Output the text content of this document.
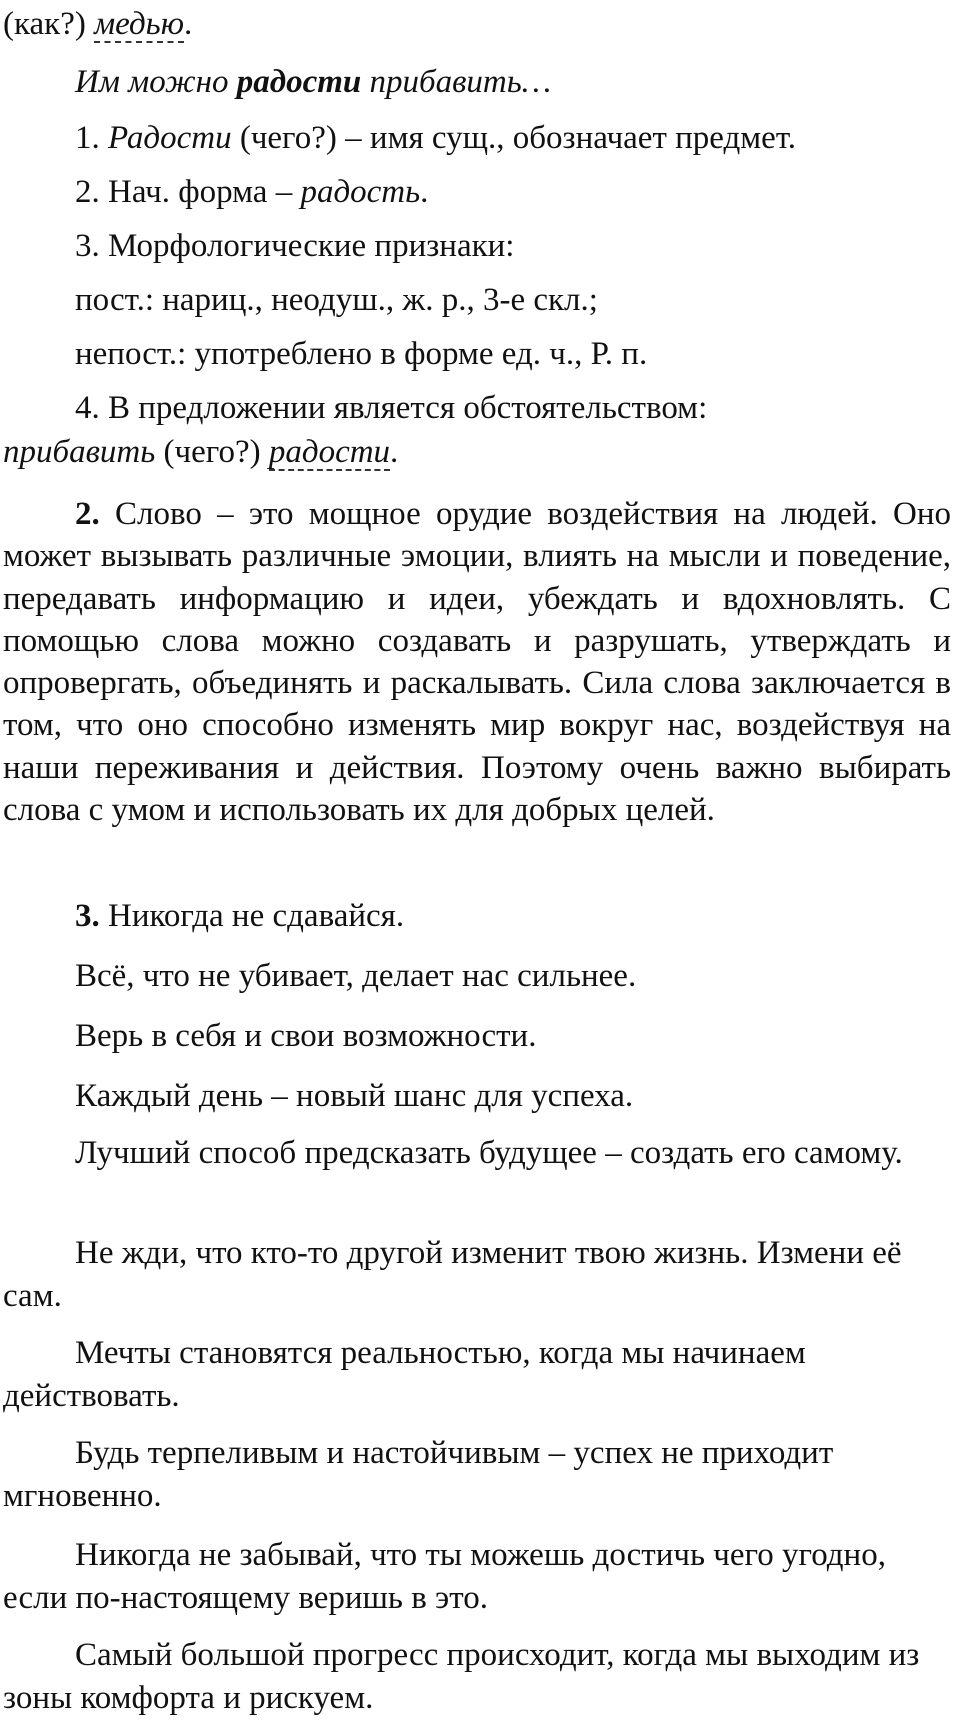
(как?) медью.
Им можно радости прибавить…
1. Радости (чего?) – имя сущ., обозначает предмет.
2. Нач. форма – радость.
3. Морфологические признаки:
пост.: нариц., неодуш., ж. р., 3-е скл.;
непост.: употреблено в форме ед. ч., Р. п.
4. В предложении является обстоятельством:
прибавить (чего?) радости.
2. Слово – это мощное орудие воздействия на людей. Оно может вызывать различные эмоции, влиять на мысли и поведение, передавать информацию и идеи, убеждать и вдохновлять. С помощью слова можно создавать и разрушать, утверждать и опровергать, объединять и раскалывать. Сила слова заключается в том, что оно способно изменять мир вокруг нас, воздействуя на наши переживания и действия. Поэтому очень важно выбирать слова с умом и использовать их для добрых целей.
3. Никогда не сдавайся.
Всё, что не убивает, делает нас сильнее.
Верь в себя и свои возможности.
Каждый день – новый шанс для успеха.
Лучший способ предсказать будущее – создать его самому.
Не жди, что кто-то другой изменит твою жизнь. Измени её сам.
Мечты становятся реальностью, когда мы начинаем действовать.
Будь терпеливым и настойчивым – успех не приходит мгновенно.
Никогда не забывай, что ты можешь достичь чего угодно, если по-настоящему веришь в это.
Самый большой прогресс происходит, когда мы выходим из зоны комфорта и рискуем.
